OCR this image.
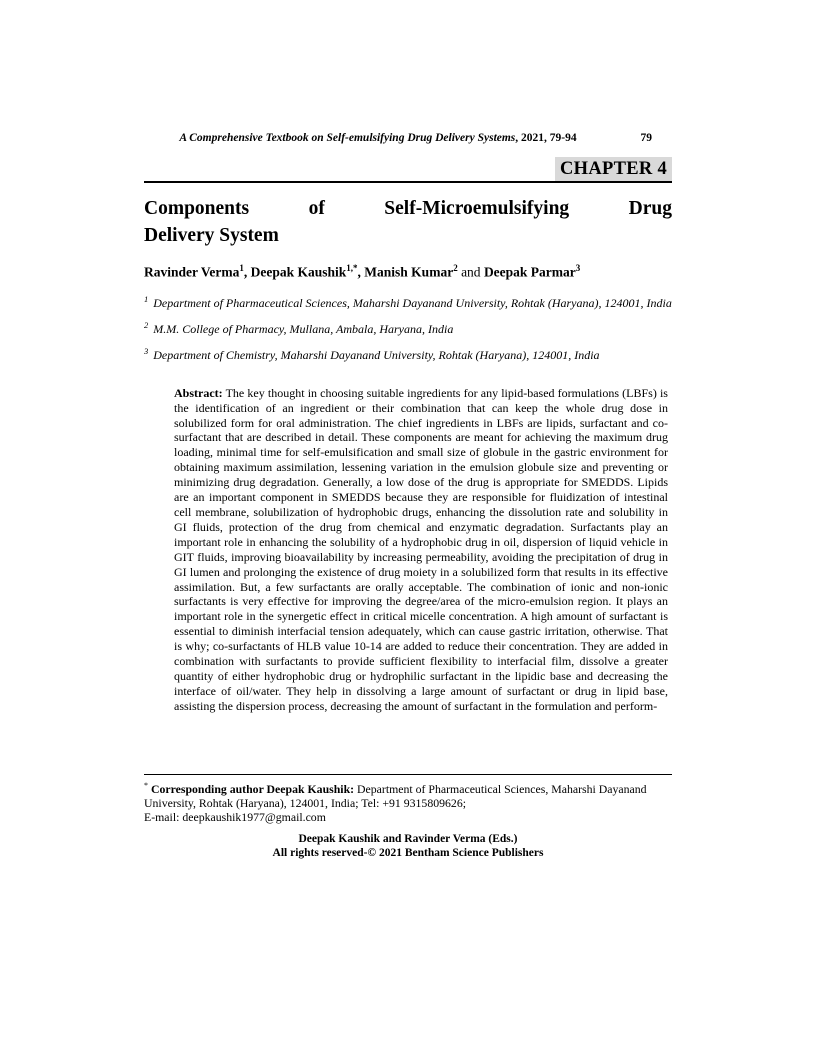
A Comprehensive Textbook on Self-emulsifying Drug Delivery Systems, 2021, 79-94	79
CHAPTER 4
Components of Self-Microemulsifying Drug
Delivery System
Ravinder Verma$^1$, Deepak Kaushik$^{1,*}$, Manish Kumar$^2$ and Deepak Parmar$^3$
$^1$ Department of Pharmaceutical Sciences, Maharshi Dayanand University, Rohtak (Haryana), 124001, India
$^2$ M.M. College of Pharmacy, Mullana, Ambala, Haryana, India
$^3$ Department of Chemistry, Maharshi Dayanand University, Rohtak (Haryana), 124001, India

Abstract: The key thought in choosing suitable ingredients for any lipid-based formulations (LBFs) is the identification of an ingredient or their combination that can keep the whole drug dose in solubilized form for oral administration. The chief ingredients in LBFs are lipids, surfactant and co-surfactant that are described in detail. These components are meant for achieving the maximum drug loading, minimal time for self-emulsification and small size of globule in the gastric environment for obtaining maximum assimilation, lessening variation in the emulsion globule size and preventing or minimizing drug degradation. Generally, a low dose of the drug is appropriate for SMEDDS. Lipids are an important component in SMEDDS because they are responsible for fluidization of intestinal cell membrane, solubilization of hydrophobic drugs, enhancing the dissolution rate and solubility in GI fluids, protection of the drug from chemical and enzymatic degradation. Surfactants play an important role in enhancing the solubility of a hydrophobic drug in oil, dispersion of liquid vehicle in GIT fluids, improving bioavailability by increasing permeability, avoiding the precipitation of drug in GI lumen and prolonging the existence of drug moiety in a solubilized form that results in its effective assimilation. But, a few surfactants are orally acceptable. The combination of ionic and non-ionic surfactants is very effective for improving the degree/area of the micro-emulsion region. It plays an important role in the synergetic effect in critical micelle concentration. A high amount of surfactant is essential to diminish interfacial tension adequately, which can cause gastric irritation, otherwise. That is why; co-surfactants of HLB value 10-14 are added to reduce their concentration. They are added in combination with surfactants to provide sufficient flexibility to interfacial film, dissolve a greater quantity of either hydrophobic drug or hydrophilic surfactant in the lipidic base and decreasing the interface of oil/water. They help in dissolving a large amount of surfactant or drug in lipid base, assisting the dispersion process, decreasing the amount of surfactant in the formulation and perform-

* Corresponding author Deepak Kaushik: Department of Pharmaceutical Sciences, Maharshi Dayanand University, Rohtak (Haryana), 124001, India; Tel: +91 9315809626;
E-mail: deepkaushik1977@gmail.com
Deepak Kaushik and Ravinder Verma (Eds.)
All rights reserved-© 2021 Bentham Science Publishers
